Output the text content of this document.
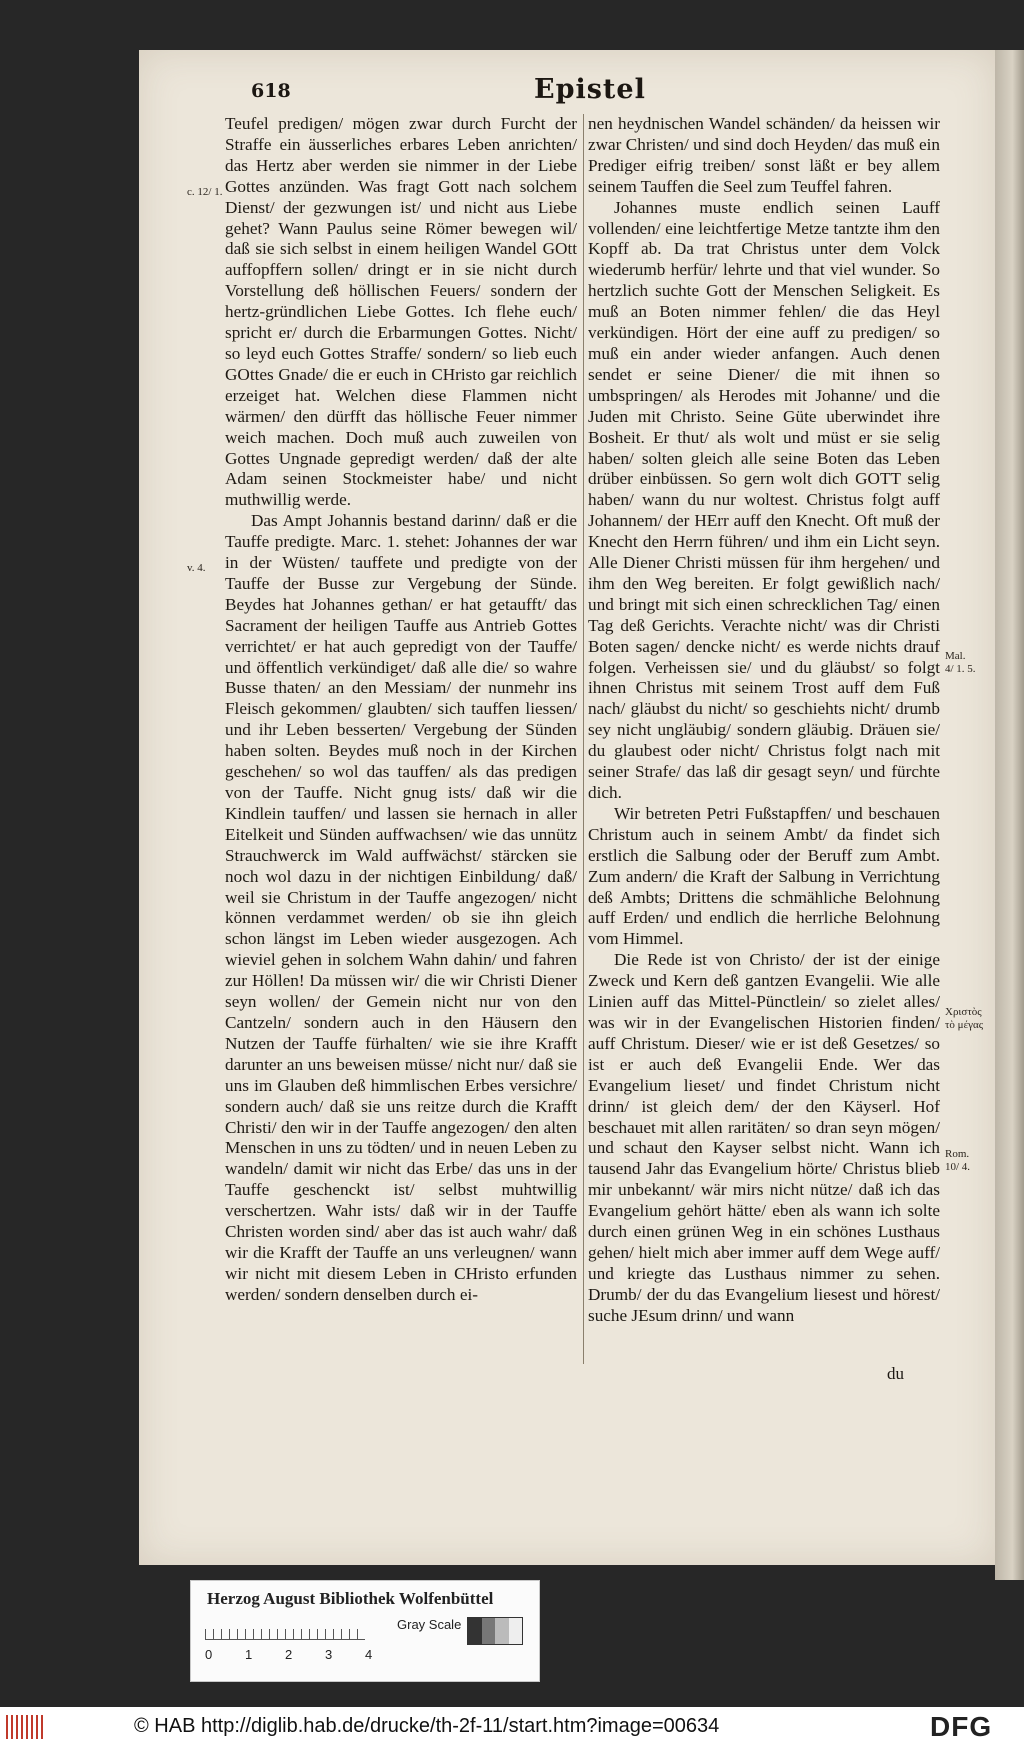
618	Epistel

Teufel predigen/ mögen zwar durch Furcht der Straffe ein äusserliches erbares Leben anrichten/ das Hertz aber werden sie nimmer in der Liebe Gottes anzünden. Was fragt Gott nach solchem Dienst/ der gezwungen ist/ und nicht aus Liebe gehet? Wann Paulus seine Römer bewegen wil/ daß sie sich selbst in einem heiligen Wandel GOtt auffopffern sollen/ dringt er in sie nicht durch Vorstellung deß höllischen Feuers/ sondern der hertz-gründlichen Liebe Gottes. Ich flehe euch/ spricht er/ durch die Erbarmungen Gottes. Nicht/ so leyd euch Gottes Straffe/ sondern/ so lieb euch GOttes Gnade/ die er euch in CHristo gar reichlich erzeiget hat. Welchen diese Flammen nicht wärmen/ den dürfft das höllische Feuer nimmer weich machen. Doch muß auch zuweilen von Gottes Ungnade gepredigt werden/ daß der alte Adam seinen Stockmeister habe/ und nicht muthwillig werde.

Das Ampt Johannis bestand darinn/ daß er die Tauffe predigte. Marc. 1. stehet: Johannes der war in der Wüsten/ tauffete und predigte von der Tauffe der Busse zur Vergebung der Sünde. Beydes hat Johannes gethan/ er hat getaufft/ das Sacrament der heiligen Tauffe aus Antrieb Gottes verrichtet/ er hat auch gepredigt von der Tauffe/ und öffentlich verkündiget/ daß alle die/ so wahre Busse thaten/ an den Messiam/ der nunmehr ins Fleisch gekommen/ glaubten/ sich tauffen liessen/ und ihr Leben besserten/ Vergebung der Sünden haben solten. Beydes muß noch in der Kirchen geschehen/ so wol das tauffen/ als das predigen von der Tauffe. Nicht gnug ists/ daß wir die Kindlein tauffen/ und lassen sie hernach in aller Eitelkeit und Sünden auffwachsen/ wie das unnütz Strauchwerck im Wald auffwächst/ stärcken sie noch wol dazu in der nichtigen Einbildung/ daß/ weil sie Christum in der Tauffe angezogen/ nicht können verdammet werden/ ob sie ihn gleich schon längst im Leben wieder ausgezogen. Ach wieviel gehen in solchem Wahn dahin/ und fahren zur Höllen! Da müssen wir/ die wir Christi Diener seyn wollen/ der Gemein nicht nur von den Cantzeln/ sondern auch in den Häusern den Nutzen der Tauffe fürhalten/ wie sie ihre Krafft darunter an uns beweisen müsse/ nicht nur/ daß sie uns im Glauben deß himmlischen Erbes versichre/ sondern auch/ daß sie uns reitze durch die Krafft Christi/ den wir in der Tauffe angezogen/ den alten Menschen in uns zu tödten/ und in neuen Leben zu wandeln/ damit wir nicht das Erbe/ das uns in der Tauffe geschenckt ist/ selbst muhtwillig verschertzen. Wahr ists/ daß wir in der Tauffe Christen worden sind/ aber das ist auch wahr/ daß wir die Krafft der Tauffe an uns verleugnen/ wann wir nicht mit diesem Leben in CHristo erfunden werden/ sondern denselben durch ei-

nen heydnischen Wandel schänden/ da heissen wir zwar Christen/ und sind doch Heyden/ das muß ein Prediger eifrig treiben/ sonst läßt er bey allem seinem Tauffen die Seel zum Teuffel fahren.

Johannes muste endlich seinen Lauff vollenden/ eine leichtfertige Metze tantzte ihm den Kopff ab. Da trat Christus unter dem Volck wiederumb herfür/ lehrte und that viel wunder. So hertzlich suchte Gott der Menschen Seligkeit. Es muß an Boten nimmer fehlen/ die das Heyl verkündigen. Hört der eine auff zu predigen/ so muß ein ander wieder anfangen. Auch denen sendet er seine Diener/ die mit ihnen so umbspringen/ als Herodes mit Johanne/ und die Juden mit Christo. Seine Güte uberwindet ihre Bosheit. Er thut/ als wolt und müst er sie selig haben/ solten gleich alle seine Boten das Leben drüber einbüssen. So gern wolt dich GOTT selig haben/ wann du nur woltest. Christus folgt auff Johannem/ der HErr auff den Knecht. Oft muß der Knecht den Herrn führen/ und ihm ein Licht seyn. Alle Diener Christi müssen für ihm hergehen/ und ihm den Weg bereiten. Er folgt gewißlich nach/ und bringt mit sich einen schrecklichen Tag/ einen Tag deß Gerichts. Verachte nicht/ was dir Christi Boten sagen/ dencke nicht/ es werde nichts drauf folgen. Verheissen sie/ und du gläubst/ so folgt ihnen Christus mit seinem Trost auff dem Fuß nach/ gläubst du nicht/ so geschiehts nicht/ drumb sey nicht ungläubig/ sondern gläubig. Dräuen sie/ du glaubest oder nicht/ Christus folgt nach mit seiner Strafe/ das laß dir gesagt seyn/ und fürchte dich.

Wir betreten Petri Fußstapffen/ und beschauen Christum auch in seinem Ambt/ da findet sich erstlich die Salbung oder der Beruff zum Ambt. Zum andern/ die Kraft der Salbung in Verrichtung deß Ambts; Drittens die schmähliche Belohnung auff Erden/ und endlich die herrliche Belohnung vom Himmel.

Die Rede ist von Christo/ der ist der einige Zweck und Kern deß gantzen Evangelii. Wie alle Linien auff das Mittel-Pünctlein/ so zielet alles/ was wir in der Evangelischen Historien finden/ auff Christum. Dieser/ wie er ist deß Gesetzes/ so ist er auch deß Evangelii Ende. Wer das Evangelium lieset/ und findet Christum nicht drinn/ ist gleich dem/ der den Käyserl. Hof beschauet mit allen raritäten/ so dran seyn mögen/ und schaut den Kayser selbst nicht. Wann ich tausend Jahr das Evangelium hörte/ Christus blieb mir unbekannt/ wär mirs nicht nütze/ daß ich das Evangelium gehört hätte/ eben als wann ich solte durch einen grünen Weg in ein schönes Lusthaus gehen/ hielt mich aber immer auff dem Wege auff/ und kriegte das Lusthaus nimmer zu sehen. Drumb/ der du das Evangelium liesest und hörest/ suche JEsum drinn/ und wann

du
c. 12/ 1.
v. 4.
Mal.
4/ 1. 5.
Χριστὸς
τὸ μέγας
Rom.
10/ 4.
Herzog August Bibliothek Wolfenbüttel
0	1	2	3	4
Gray Scale
© HAB http://diglib.hab.de/drucke/th-2f-11/start.htm?image=00634	DFG
